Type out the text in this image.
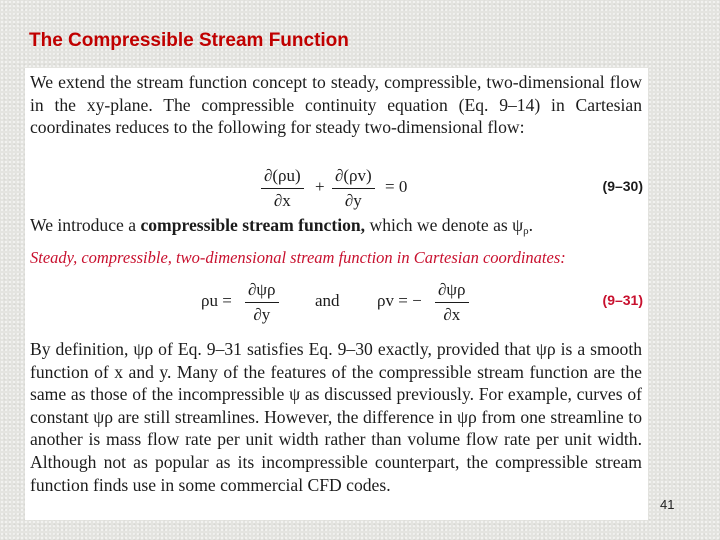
The Compressible Stream Function

We extend the stream function concept to steady, compressible, two-dimensional flow in the xy-plane. The compressible continuity equation (Eq. 9–14) in Cartesian coordinates reduces to the following for steady two-dimensional flow:

$\frac{\partial(\rho u)}{\partial x} + \frac{\partial(\rho v)}{\partial y} = 0$	(9–30)

We introduce a compressible stream function, which we denote as $\psi_\rho$.

Steady, compressible, two-dimensional stream function in Cartesian coordinates:
$\rho u = \frac{\partial\psi\rho}{\partial y}$ and ρv = − $\frac{\partial\psi\rho}{\partial x}$	(9–31)

By definition, ψρ of Eq. 9–31 satisfies Eq. 9–30 exactly, provided that ψρ is a smooth function of x and y. Many of the features of the compressible stream function are the same as those of the incompressible ψ as discussed previously. For example, curves of constant ψρ are still streamlines. However, the difference in ψρ from one streamline to another is mass flow rate per unit width rather than volume flow rate per unit width. Although not as popular as its incompressible counterpart, the compressible stream function finds use in some commercial CFD codes.

41
